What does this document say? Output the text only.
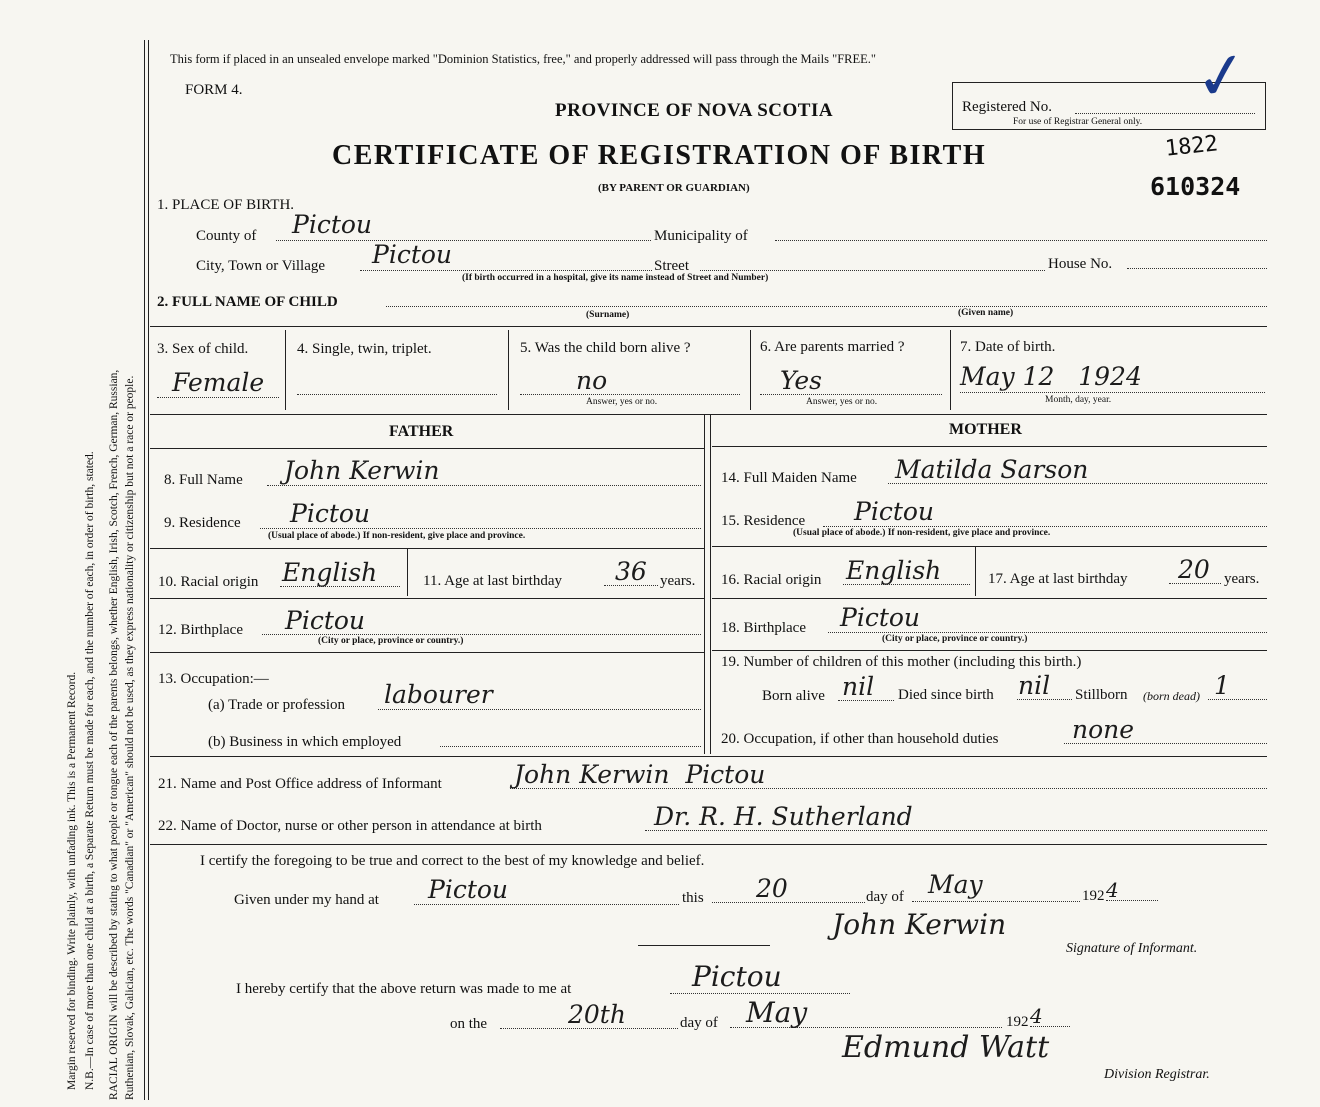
Margin reserved for binding. Write plainly, with unfading ink. This is a Permanent Record. N.B.—In case of more than one child at a birth, a Separate Return must be made for each, and the number of each, in order of birth, stated. RACIAL ORIGIN will be described by stating to what people or tongue each of the parents belongs, whether English, Irish, Scotch, French, German, Russian, Ruthenian, Slovak, Galician, etc. The words "Canadian" or "American" should not be used, as they express nationality or citizenship but not a race or people.
This form if placed in an unsealed envelope marked "Dominion Statistics, free," and properly addressed will pass through the Mails "FREE."
FORM 4.
PROVINCE OF NOVA SCOTIA
CERTIFICATE OF REGISTRATION OF BIRTH
(BY PARENT OR GUARDIAN)
Registered No.
For use of Registrar General only.
✓
1822
610324
1. PLACE OF BIRTH.
County of Pictou	Municipality of
City, Town or Village Pictou	Street	House No.
(If birth occurred in a hospital, give its name instead of Street and Number)
2. FULL NAME OF CHILD
(Surname)	(Given name)
3. Sex of child.
Female
4. Single, twin, triplet.	5. Was the child born alive ?
no
Answer, yes or no.
6. Are parents married ?
Yes
Answer, yes or no.
7. Date of birth.
May 12   1924
Month, day, year.
FATHER	MOTHER
8. Full Name John Kerwin
9. Residence Pictou
(Usual place of abode.) If non-resident, give place and province.
10. Racial origin English	11. Age at last birthday 36 years.
12. Birthplace Pictou
(City or place, province or country.)
13. Occupation:—
(a) Trade or profession labourer
(b) Business in which employed
14. Full Maiden Name Matilda Sarson
15. Residence Pictou
(Usual place of abode.) If non-resident, give place and province.
16. Racial origin English	17. Age at last birthday 20 years.
18. Birthplace Pictou
(City or place, province or country.)
19. Number of children of this mother (including this birth.)
Born alive nil Died since birth nil Stillborn (born dead) 1
20. Occupation, if other than household duties	none
21. Name and Post Office address of Informant	John Kerwin  Pictou
22. Name of Doctor, nurse or other person in attendance at birth	Dr. R. H. Sutherland
I certify the foregoing to be true and correct to the best of my knowledge and belief.
Given under my hand at Pictou	this 20	day of May	192 4
John Kerwin
Signature of Informant.
I hereby certify that the above return was made to me at	Pictou
on the	20th	day of May	192 4
Edmund Watt
Division Registrar.
